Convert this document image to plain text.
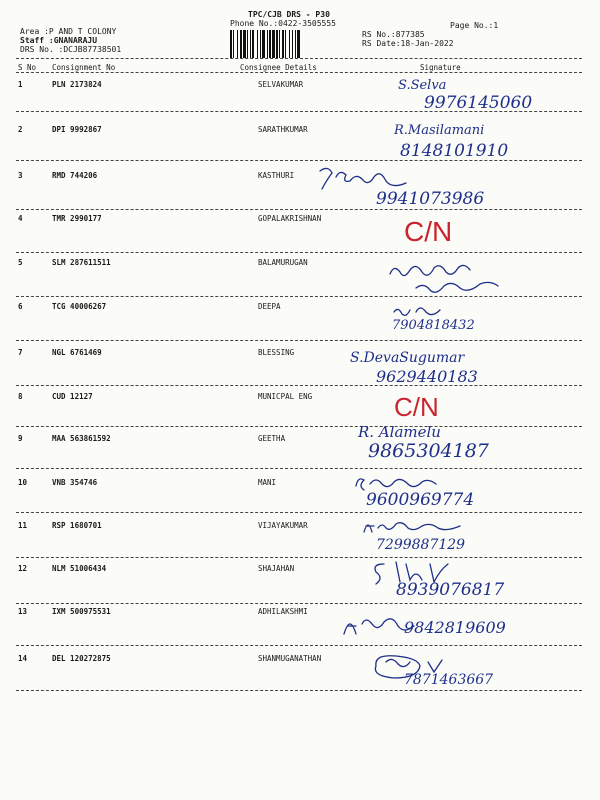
TPC/CJB DRS - P30
Phone No.:0422-3505555
Area :P AND T COLONY
Staff :GNANARAJU
DRS No. :DCJB87738501
RS No.:877385
RS Date:18-Jan-2022
Page No.:1
S No Consignment No	Consignee Details	Signature
1	PLN 2173824	SELVAKUMAR	S.Selva
9976145060
2	DPI 9992867	SARATHKUMAR	R.Masilamani
8148101910
3	RMD 744206	KASTHURI
9941073986
4	TMR 2990177	GOPALAKRISHNAN	C/N
5	SLM 287611511	BALAMURUGAN
6	TCG 40006267	DEEPA
7904818432
7	NGL 6761469	BLESSING	S.DevaSugumar
9629440183
8	CUD 12127	MUNICPAL ENG	C/N
9	MAA 563861592	GEETHA	R. Alamelu
9865304187
10	VNB 354746	MANI
9600969774
11	RSP 1680701	VIJAYAKUMAR
7299887129
12	NLM 51006434	SHAJAHAN
8939076817
13	IXM 500975531	ADHILAKSHMI
9842819609
14	DEL 120272875	SHANMUGANATHAN
7871463667
